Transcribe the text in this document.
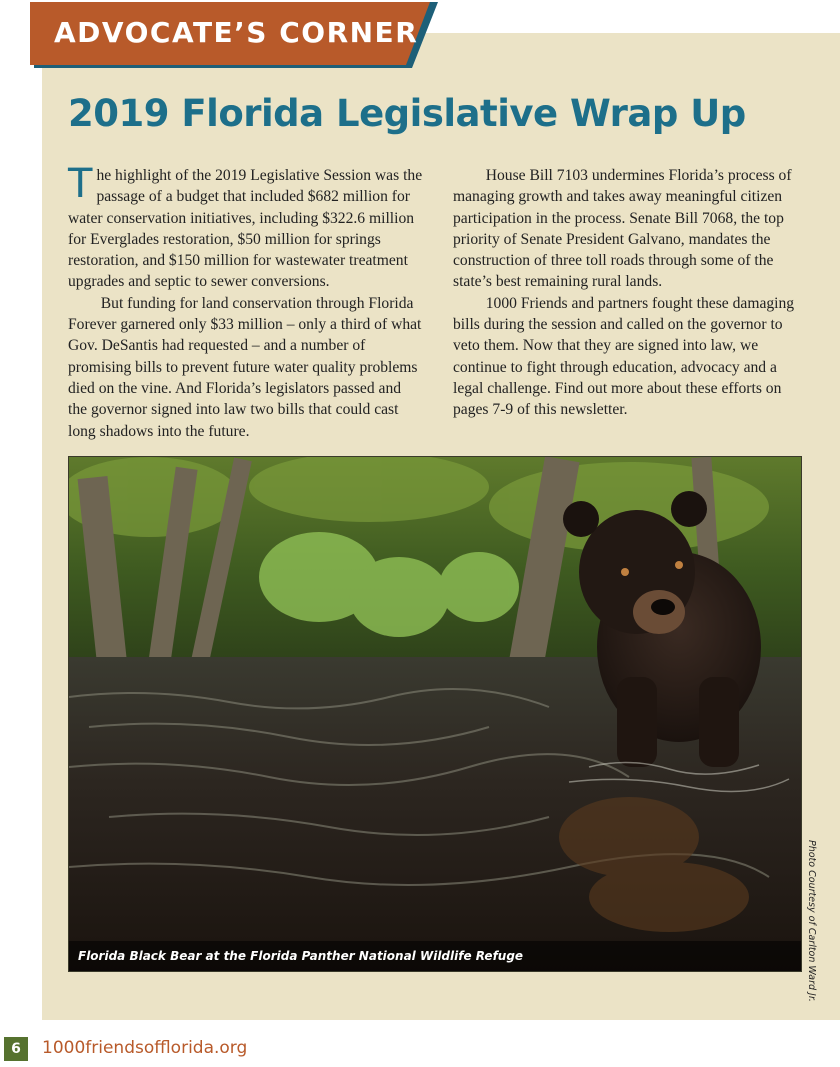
ADVOCATE’S CORNER
2019 Florida Legislative Wrap Up

The highlight of the 2019 Legislative Session was the passage of a budget that included $682 million for water conservation initiatives, including $322.6 million for Everglades restoration, $50 million for springs restoration, and $150 million for wastewater treatment upgrades and septic to sewer conversions.

But funding for land conservation through Florida Forever garnered only $33 million – only a third of what Gov. DeSantis had requested – and a number of promising bills to prevent future water quality problems died on the vine. And Florida’s legislators passed and the governor signed into law two bills that could cast long shadows into the future.

House Bill 7103 undermines Florida’s process of managing growth and takes away meaningful citizen participation in the process. Senate Bill 7068, the top priority of Senate President Galvano, mandates the construction of three toll roads through some of the state’s best remaining rural lands.

1000 Friends and partners fought these damaging bills during the session and called on the governor to veto them. Now that they are signed into law, we continue to fight through education, advocacy and a legal challenge. Find out more about these efforts on pages 7-9 of this newsletter.

Florida Black Bear at the Florida Panther National Wildlife Refuge	Photo Courtesy of Carlton Ward Jr.
6	1000friendsofflorida.org
